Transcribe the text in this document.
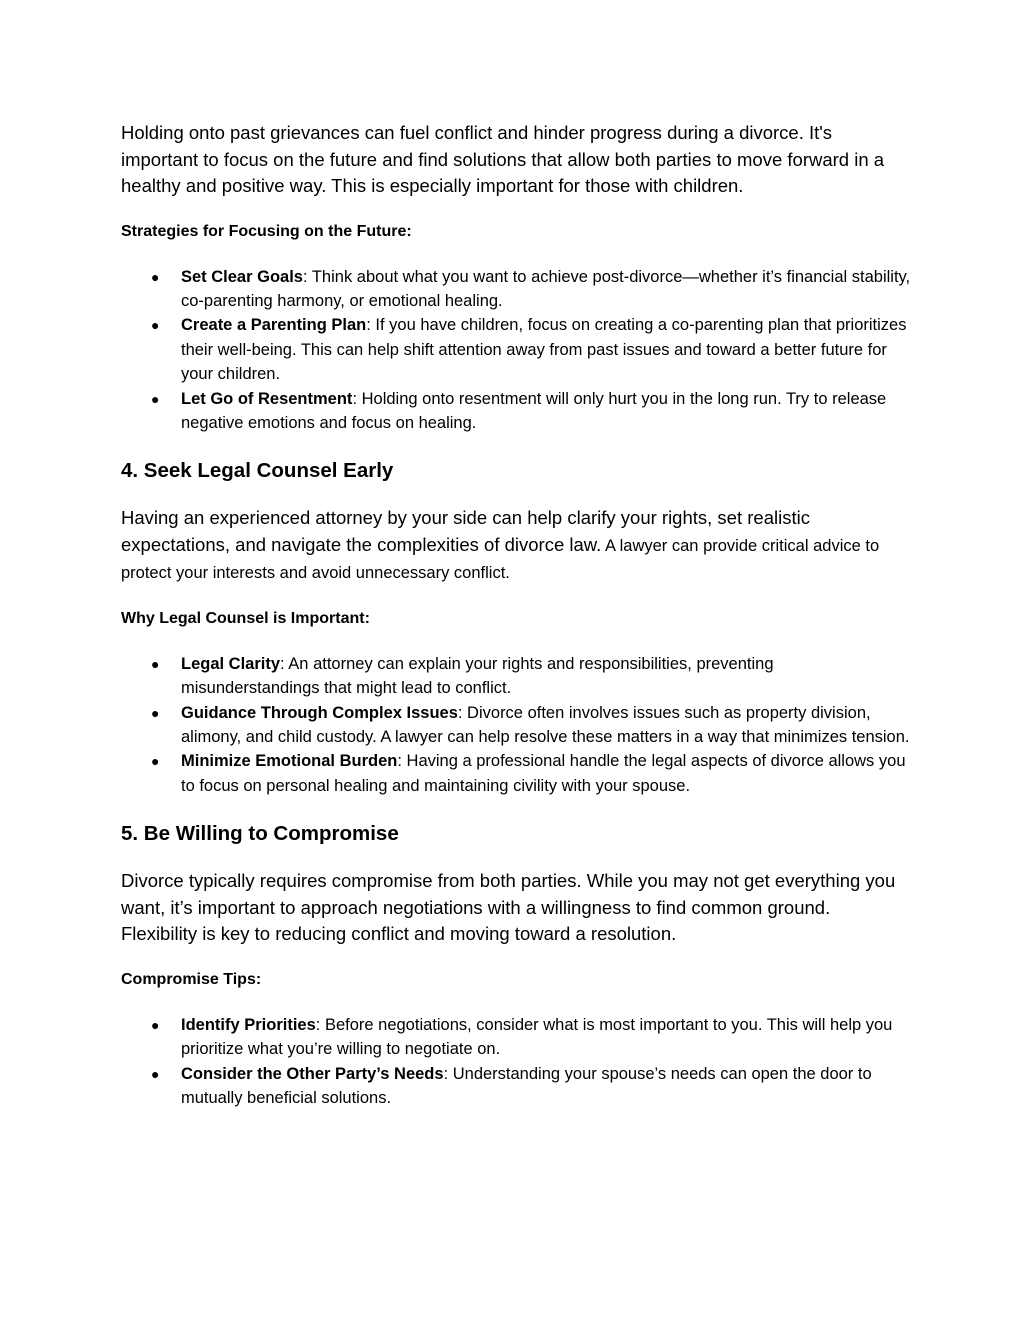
Holding onto past grievances can fuel conflict and hinder progress during a divorce. It's important to focus on the future and find solutions that allow both parties to move forward in a healthy and positive way. This is especially important for those with children.

Strategies for Focusing on the Future:

● Set Clear Goals: Think about what you want to achieve post-divorce—whether it’s financial stability, co-parenting harmony, or emotional healing.
● Create a Parenting Plan: If you have children, focus on creating a co-parenting plan that prioritizes their well-being. This can help shift attention away from past issues and toward a better future for your children.
● Let Go of Resentment: Holding onto resentment will only hurt you in the long run. Try to release negative emotions and focus on healing.
4. Seek Legal Counsel Early

Having an experienced attorney by your side can help clarify your rights, set realistic expectations, and navigate the complexities of divorce law. A lawyer can provide critical advice to protect your interests and avoid unnecessary conflict.

Why Legal Counsel is Important:

● Legal Clarity: An attorney can explain your rights and responsibilities, preventing misunderstandings that might lead to conflict.
● Guidance Through Complex Issues: Divorce often involves issues such as property division, alimony, and child custody. A lawyer can help resolve these matters in a way that minimizes tension.
● Minimize Emotional Burden: Having a professional handle the legal aspects of divorce allows you to focus on personal healing and maintaining civility with your spouse.
5. Be Willing to Compromise

Divorce typically requires compromise from both parties. While you may not get everything you want, it’s important to approach negotiations with a willingness to find common ground. Flexibility is key to reducing conflict and moving toward a resolution.

Compromise Tips:

● Identify Priorities: Before negotiations, consider what is most important to you. This will help you prioritize what you’re willing to negotiate on.
● Consider the Other Party’s Needs: Understanding your spouse’s needs can open the door to mutually beneficial solutions.
